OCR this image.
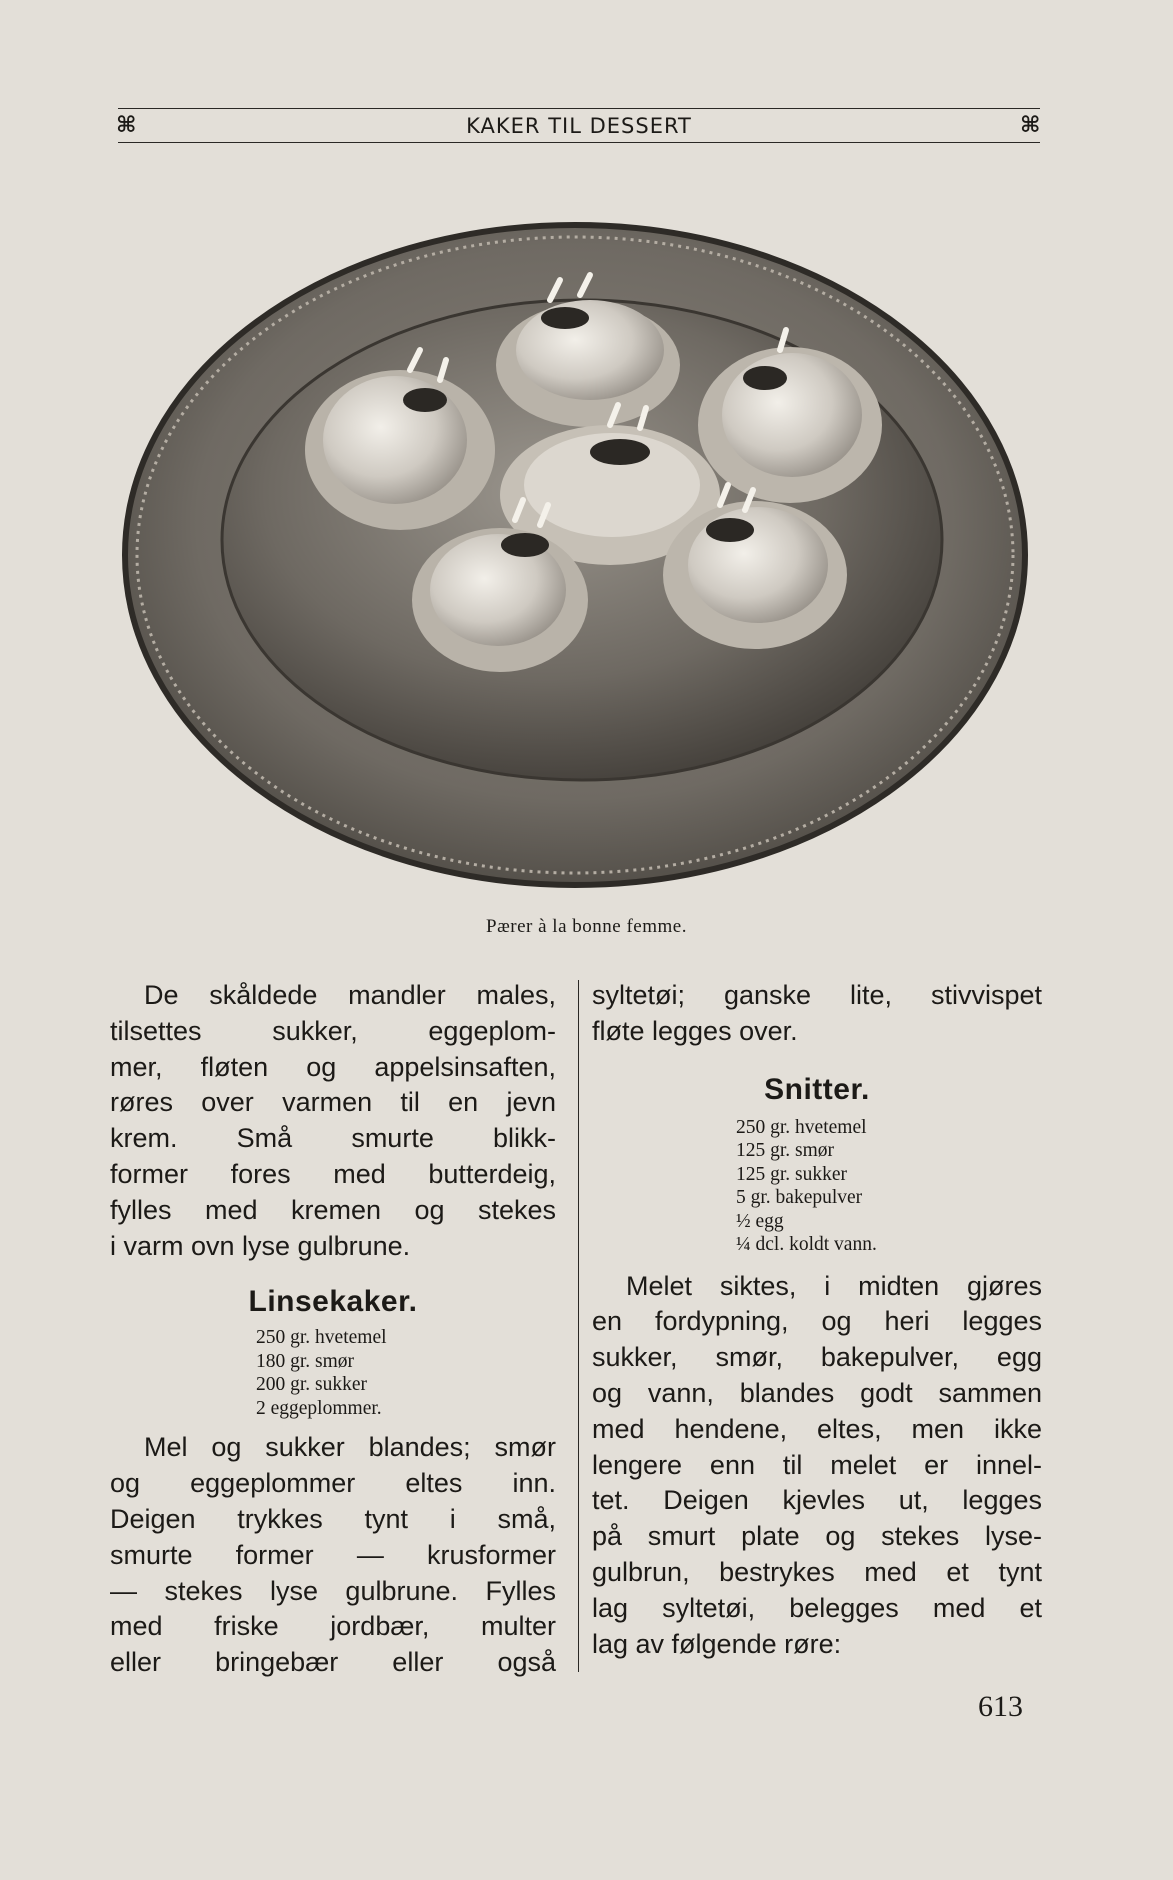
⌘	KAKER TIL DESSERT	⌘
Pærer à la bonne femme.

De skåldede mandler males,
tilsettes sukker, eggeplom-
mer, fløten og appelsinsaften,
røres over varmen til en jevn
krem. Små smurte blikk-
former fores med butterdeig,
fylles med kremen og stekes
i varm ovn lyse gulbrune.

Linsekaker.
250 gr. hvetemel
180 gr. smør
200 gr. sukker
2 eggeplommer.

Mel og sukker blandes; smør
og eggeplommer eltes inn.
Deigen trykkes tynt i små,
smurte former — krusformer
— stekes lyse gulbrune. Fylles
med friske jordbær, multer
eller bringebær eller også

syltetøi; ganske lite, stivvispet
fløte legges over.

Snitter.
250 gr. hvetemel
125 gr. smør
125 gr. sukker
5 gr. bakepulver
½ egg
¼ dcl. koldt vann.

Melet siktes, i midten gjøres
en fordypning, og heri legges
sukker, smør, bakepulver, egg
og vann, blandes godt sammen
med hendene, eltes, men ikke
lengere enn til melet er innel-
tet. Deigen kjevles ut, legges
på smurt plate og stekes lyse-
gulbrun, bestrykes med et tynt
lag syltetøi, belegges med et
lag av følgende røre:

613
